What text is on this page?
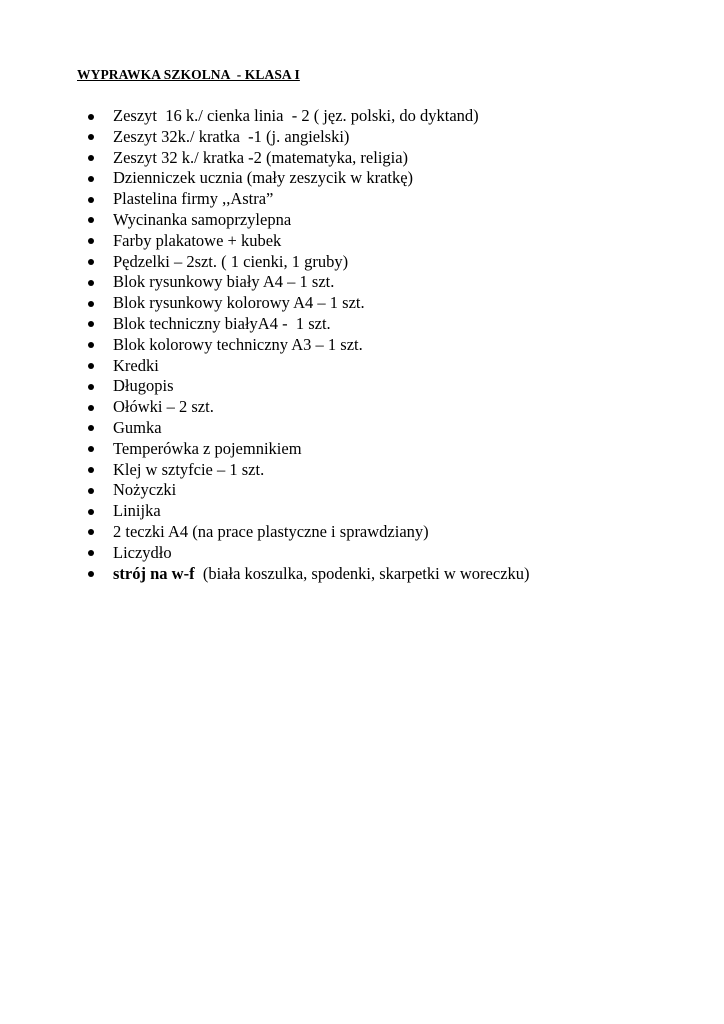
WYPRAWKA SZKOLNA  - KLASA I
Zeszyt  16 k./ cienka linia  - 2 ( jęz. polski, do dyktand)
Zeszyt 32k./ kratka  -1 (j. angielski)
Zeszyt 32 k./ kratka -2 (matematyka, religia)
Dzienniczek ucznia (mały zeszycik w kratkę)
Plastelina firmy ,,Astra”
Wycinanka samoprzylepna
Farby plakatowe + kubek
Pędzelki – 2szt. ( 1 cienki, 1 gruby)
Blok rysunkowy biały A4 – 1 szt.
Blok rysunkowy kolorowy A4 – 1 szt.
Blok techniczny białyA4 -  1 szt.
Blok kolorowy techniczny A3 – 1 szt.
Kredki
Długopis
Ołówki – 2 szt.
Gumka
Temperówka z pojemnikiem
Klej w sztyfcie – 1 szt.
Nożyczki
Linijka
2 teczki A4 (na prace plastyczne i sprawdziany)
Liczydło
strój na w-f  (biała koszulka, spodenki, skarpetki w woreczku)
